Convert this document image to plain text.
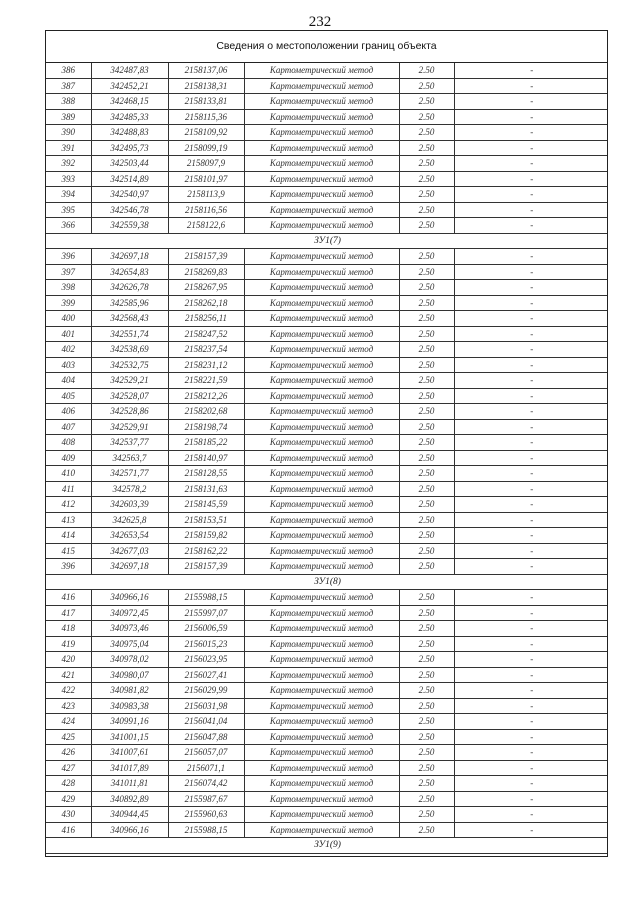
232
Сведения о местоположении границ объекта
386	342487,83	2158137,06	Картометрический метод	2.50	-
387	342452,21	2158138,31	Картометрический метод	2.50	-
388	342468,15	2158133,81	Картометрический метод	2.50	-
389	342485,33	2158115,36	Картометрический метод	2.50	-
390	342488,83	2158109,92	Картометрический метод	2.50	-
391	342495,73	2158099,19	Картометрический метод	2.50	-
392	342503,44	2158097,9	Картометрический метод	2.50	-
393	342514,89	2158101,97	Картометрический метод	2.50	-
394	342540,97	2158113,9	Картометрический метод	2.50	-
395	342546,78	2158116,56	Картометрический метод	2.50	-
366	342559,38	2158122,6	Картометрический метод	2.50	-
ЗУ1(7)					
396	342697,18	2158157,39	Картометрический метод	2.50	-
397	342654,83	2158269,83	Картометрический метод	2.50	-
398	342626,78	2158267,95	Картометрический метод	2.50	-
399	342585,96	2158262,18	Картометрический метод	2.50	-
400	342568,43	2158256,11	Картометрический метод	2.50	-
401	342551,74	2158247,52	Картометрический метод	2.50	-
402	342538,69	2158237,54	Картометрический метод	2.50	-
403	342532,75	2158231,12	Картометрический метод	2.50	-
404	342529,21	2158221,59	Картометрический метод	2.50	-
405	342528,07	2158212,26	Картометрический метод	2.50	-
406	342528,86	2158202,68	Картометрический метод	2.50	-
407	342529,91	2158198,74	Картометрический метод	2.50	-
408	342537,77	2158185,22	Картометрический метод	2.50	-
409	342563,7	2158140,97	Картометрический метод	2.50	-
410	342571,77	2158128,55	Картометрический метод	2.50	-
411	342578,2	2158131,63	Картометрический метод	2.50	-
412	342603,39	2158145,59	Картометрический метод	2.50	-
413	342625,8	2158153,51	Картометрический метод	2.50	-
414	342653,54	2158159,82	Картометрический метод	2.50	-
415	342677,03	2158162,22	Картометрический метод	2.50	-
396	342697,18	2158157,39	Картометрический метод	2.50	-
ЗУ1(8)					
416	340966,16	2155988,15	Картометрический метод	2.50	-
417	340972,45	2155997,07	Картометрический метод	2.50	-
418	340973,46	2156006,59	Картометрический метод	2.50	-
419	340975,04	2156015,23	Картометрический метод	2.50	-
420	340978,02	2156023,95	Картометрический метод	2.50	-
421	340980,07	2156027,41	Картометрический метод	2.50	-
422	340981,82	2156029,99	Картометрический метод	2.50	-
423	340983,38	2156031,98	Картометрический метод	2.50	-
424	340991,16	2156041,04	Картометрический метод	2.50	-
425	341001,15	2156047,88	Картометрический метод	2.50	-
426	341007,61	2156057,07	Картометрический метод	2.50	-
427	341017,89	2156071,1	Картометрический метод	2.50	-
428	341011,81	2156074,42	Картометрический метод	2.50	-
429	340892,89	2155987,67	Картометрический метод	2.50	-
430	340944,45	2155960,63	Картометрический метод	2.50	-
416	340966,16	2155988,15	Картометрический метод	2.50	-
ЗУ1(9)					
